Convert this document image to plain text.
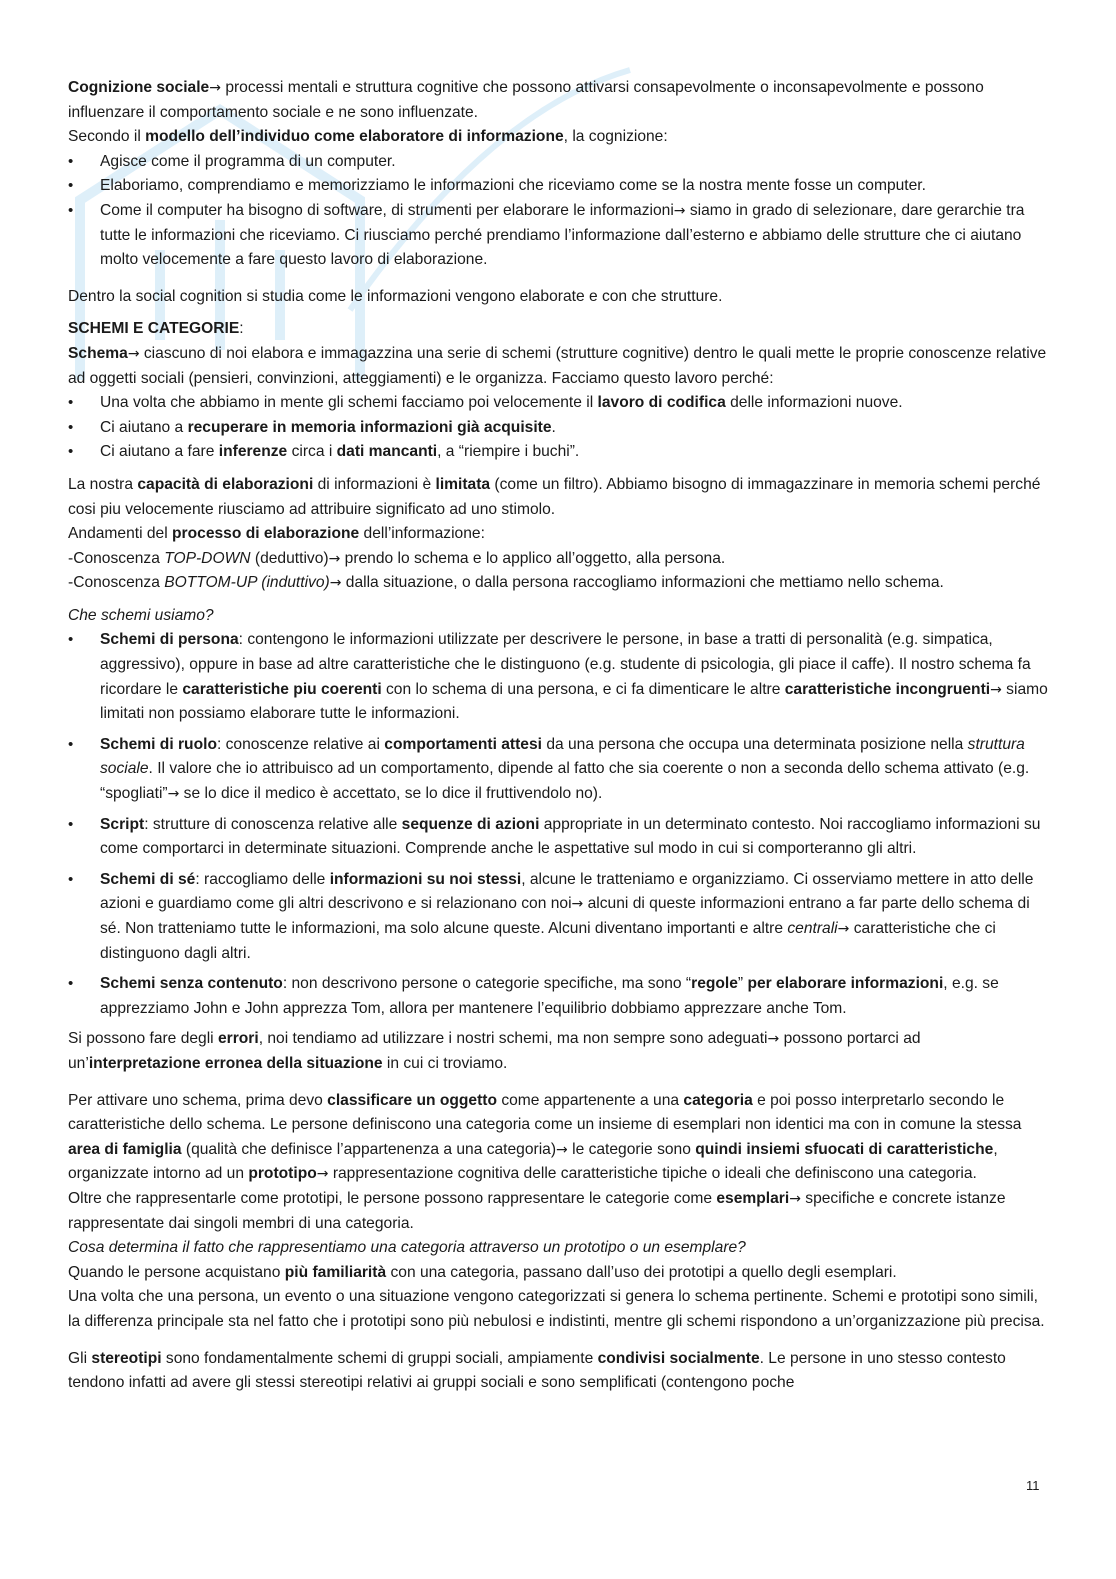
Cognizione sociale→ processi mentali e struttura cognitive che possono attivarsi consapevolmente o inconsapevolmente e possono influenzare il comportamento sociale e ne sono influenzate.

Secondo il modello dell’individuo come elaboratore di informazione, la cognizione:

• Agisce come il programma di un computer.
• Elaboriamo, comprendiamo e memorizziamo le informazioni che riceviamo come se la nostra mente fosse un computer.
• Come il computer ha bisogno di software, di strumenti per elaborare le informazioni→ siamo in grado di selezionare, dare gerarchie tra tutte le informazioni che riceviamo. Ci riusciamo perché prendiamo l’informazione dall’esterno e abbiamo delle strutture che ci aiutano molto velocemente a fare questo lavoro di elaborazione.

Dentro la social cognition si studia come le informazioni vengono elaborate e con che strutture.

SCHEMI E CATEGORIE:

Schema→ ciascuno di noi elabora e immagazzina una serie di schemi (strutture cognitive) dentro le quali mette le proprie conoscenze relative ad oggetti sociali (pensieri, convinzioni, atteggiamenti) e le organizza. Facciamo questo lavoro perché:

• Una volta che abbiamo in mente gli schemi facciamo poi velocemente il lavoro di codifica delle informazioni nuove.
• Ci aiutano a recuperare in memoria informazioni già acquisite.
• Ci aiutano a fare inferenze circa i dati mancanti, a “riempire i buchi”.

La nostra capacità di elaborazioni di informazioni è limitata (come un filtro). Abbiamo bisogno di immagazzinare in memoria schemi perché cosi piu velocemente riusciamo ad attribuire significato ad uno stimolo.

Andamenti del processo di elaborazione dell’informazione:

-Conoscenza TOP-DOWN (deduttivo)→ prendo lo schema e lo applico all’oggetto, alla persona.

-Conoscenza BOTTOM-UP (induttivo)→ dalla situazione, o dalla persona raccogliamo informazioni che mettiamo nello schema.

Che schemi usiamo?

• Schemi di persona: contengono le informazioni utilizzate per descrivere le persone, in base a tratti di personalità (e.g. simpatica, aggressivo), oppure in base ad altre caratteristiche che le distinguono (e.g. studente di psicologia, gli piace il caffe). Il nostro schema fa ricordare le caratteristiche piu coerenti con lo schema di una persona, e ci fa dimenticare le altre caratteristiche incongruenti→ siamo limitati non possiamo elaborare tutte le informazioni.
• Schemi di ruolo: conoscenze relative ai comportamenti attesi da una persona che occupa una determinata posizione nella struttura sociale. Il valore che io attribuisco ad un comportamento, dipende al fatto che sia coerente o non a seconda dello schema attivato (e.g. “spogliati”→ se lo dice il medico è accettato, se lo dice il fruttivendolo no).
• Script: strutture di conoscenza relative alle sequenze di azioni appropriate in un determinato contesto. Noi raccogliamo informazioni su come comportarci in determinate situazioni. Comprende anche le aspettative sul modo in cui si comporteranno gli altri.
• Schemi di sé: raccogliamo delle informazioni su noi stessi, alcune le tratteniamo e organizziamo. Ci osserviamo mettere in atto delle azioni e guardiamo come gli altri descrivono e si relazionano con noi→ alcuni di queste informazioni entrano a far parte dello schema di sé. Non tratteniamo tutte le informazioni, ma solo alcune queste. Alcuni diventano importanti e altre centrali→ caratteristiche che ci distinguono dagli altri.
• Schemi senza contenuto: non descrivono persone o categorie specifiche, ma sono “regole” per elaborare informazioni, e.g. se apprezziamo John e John apprezza Tom, allora per mantenere l’equilibrio dobbiamo apprezzare anche Tom.

Si possono fare degli errori, noi tendiamo ad utilizzare i nostri schemi, ma non sempre sono adeguati→ possono portarci ad un’interpretazione erronea della situazione in cui ci troviamo.

Per attivare uno schema, prima devo classificare un oggetto come appartenente a una categoria e poi posso interpretarlo secondo le caratteristiche dello schema. Le persone definiscono una categoria come un insieme di esemplari non identici ma con in comune la stessa area di famiglia (qualità che definisce l’appartenenza a una categoria)→ le categorie sono quindi insiemi sfuocati di caratteristiche, organizzate intorno ad un prototipo→ rappresentazione cognitiva delle caratteristiche tipiche o ideali che definiscono una categoria.

Oltre che rappresentarle come prototipi, le persone possono rappresentare le categorie come esemplari→ specifiche e concrete istanze rappresentate dai singoli membri di una categoria.

Cosa determina il fatto che rappresentiamo una categoria attraverso un prototipo o un esemplare?

Quando le persone acquistano più familiarità con una categoria, passano dall’uso dei prototipi a quello degli esemplari.

Una volta che una persona, un evento o una situazione vengono categorizzati si genera lo schema pertinente. Schemi e prototipi sono simili, la differenza principale sta nel fatto che i prototipi sono più nebulosi e indistinti, mentre gli schemi rispondono a un’organizzazione più precisa.

Gli stereotipi sono fondamentalmente schemi di gruppi sociali, ampiamente condivisi socialmente. Le persone in uno stesso contesto tendono infatti ad avere gli stessi stereotipi relativi ai gruppi sociali e sono semplificati (contengono poche

11
